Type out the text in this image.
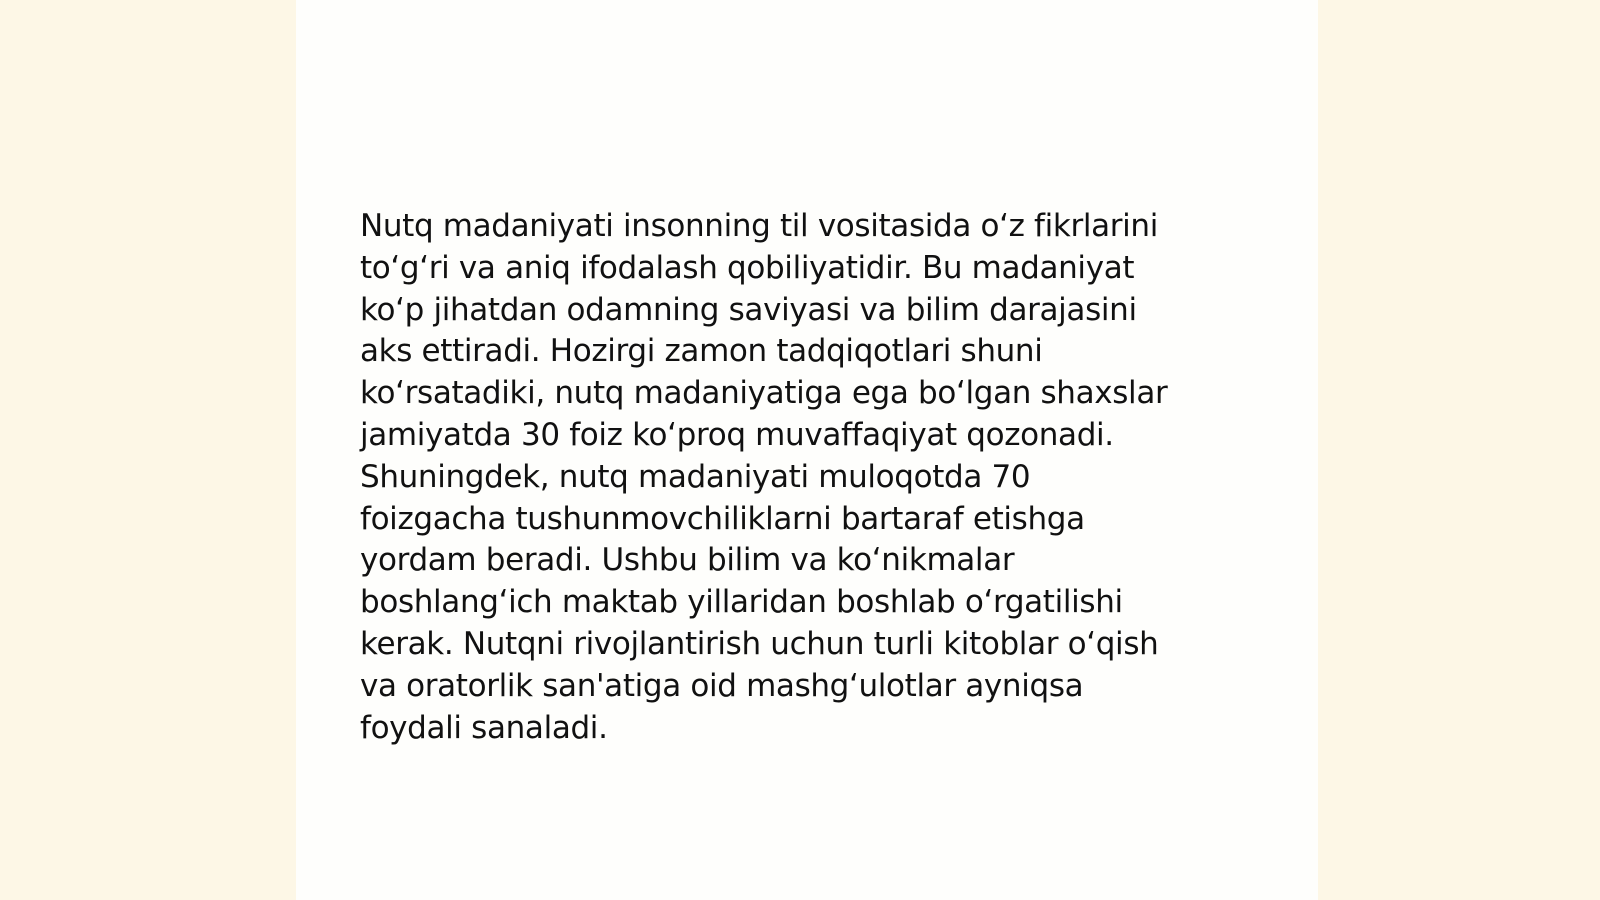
Nutq madaniyati insonning til vositasida o‘z fikrlarini
to‘g‘ri va aniq ifodalash qobiliyatidir. Bu madaniyat
ko‘p jihatdan odamning saviyasi va bilim darajasini
aks ettiradi. Hozirgi zamon tadqiqotlari shuni
ko‘rsatadiki, nutq madaniyatiga ega bo‘lgan shaxslar
jamiyatda 30 foiz ko‘proq muvaffaqiyat qozonadi.
Shuningdek, nutq madaniyati muloqotda 70
foizgacha tushunmovchiliklarni bartaraf etishga
yordam beradi. Ushbu bilim va ko‘nikmalar
boshlang‘ich maktab yillaridan boshlab o‘rgatilishi
kerak. Nutqni rivojlantirish uchun turli kitoblar o‘qish
va oratorlik san'atiga oid mashg‘ulotlar ayniqsa
foydali sanaladi.
